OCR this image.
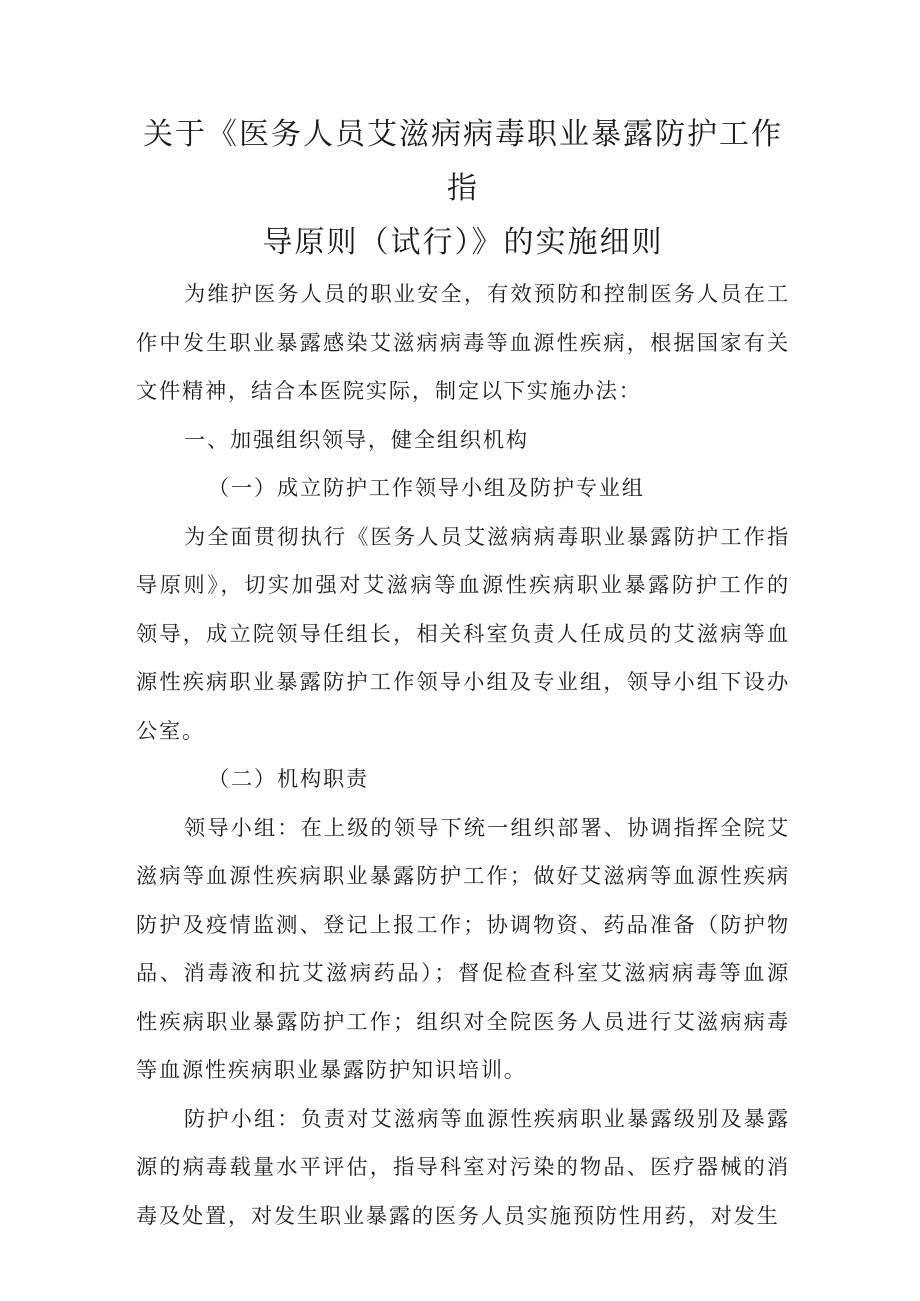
关于《医务人员艾滋病病毒职业暴露防护工作指
导原则（试行）》的实施细则

为维护医务人员的职业安全，有效预防和控制医务人员在工作中发生职业暴露感染艾滋病病毒等血源性疾病，根据国家有关文件精神，结合本医院实际，制定以下实施办法：

一、加强组织领导，健全组织机构

（一）成立防护工作领导小组及防护专业组

为全面贯彻执行《医务人员艾滋病病毒职业暴露防护工作指导原则》，切实加强对艾滋病等血源性疾病职业暴露防护工作的领导，成立院领导任组长，相关科室负责人任成员的艾滋病等血源性疾病职业暴露防护工作领导小组及专业组，领导小组下设办公室。

（二）机构职责

领导小组：在上级的领导下统一组织部署、协调指挥全院艾滋病等血源性疾病职业暴露防护工作；做好艾滋病等血源性疾病防护及疫情监测、登记上报工作；协调物资、药品准备（防护物品、消毒液和抗艾滋病药品）；督促检查科室艾滋病病毒等血源性疾病职业暴露防护工作；组织对全院医务人员进行艾滋病病毒等血源性疾病职业暴露防护知识培训。

防护小组：负责对艾滋病等血源性疾病职业暴露级别及暴露源的病毒载量水平评估，指导科室对污染的物品、医疗器械的消毒及处置，对发生职业暴露的医务人员实施预防性用药，对发生
